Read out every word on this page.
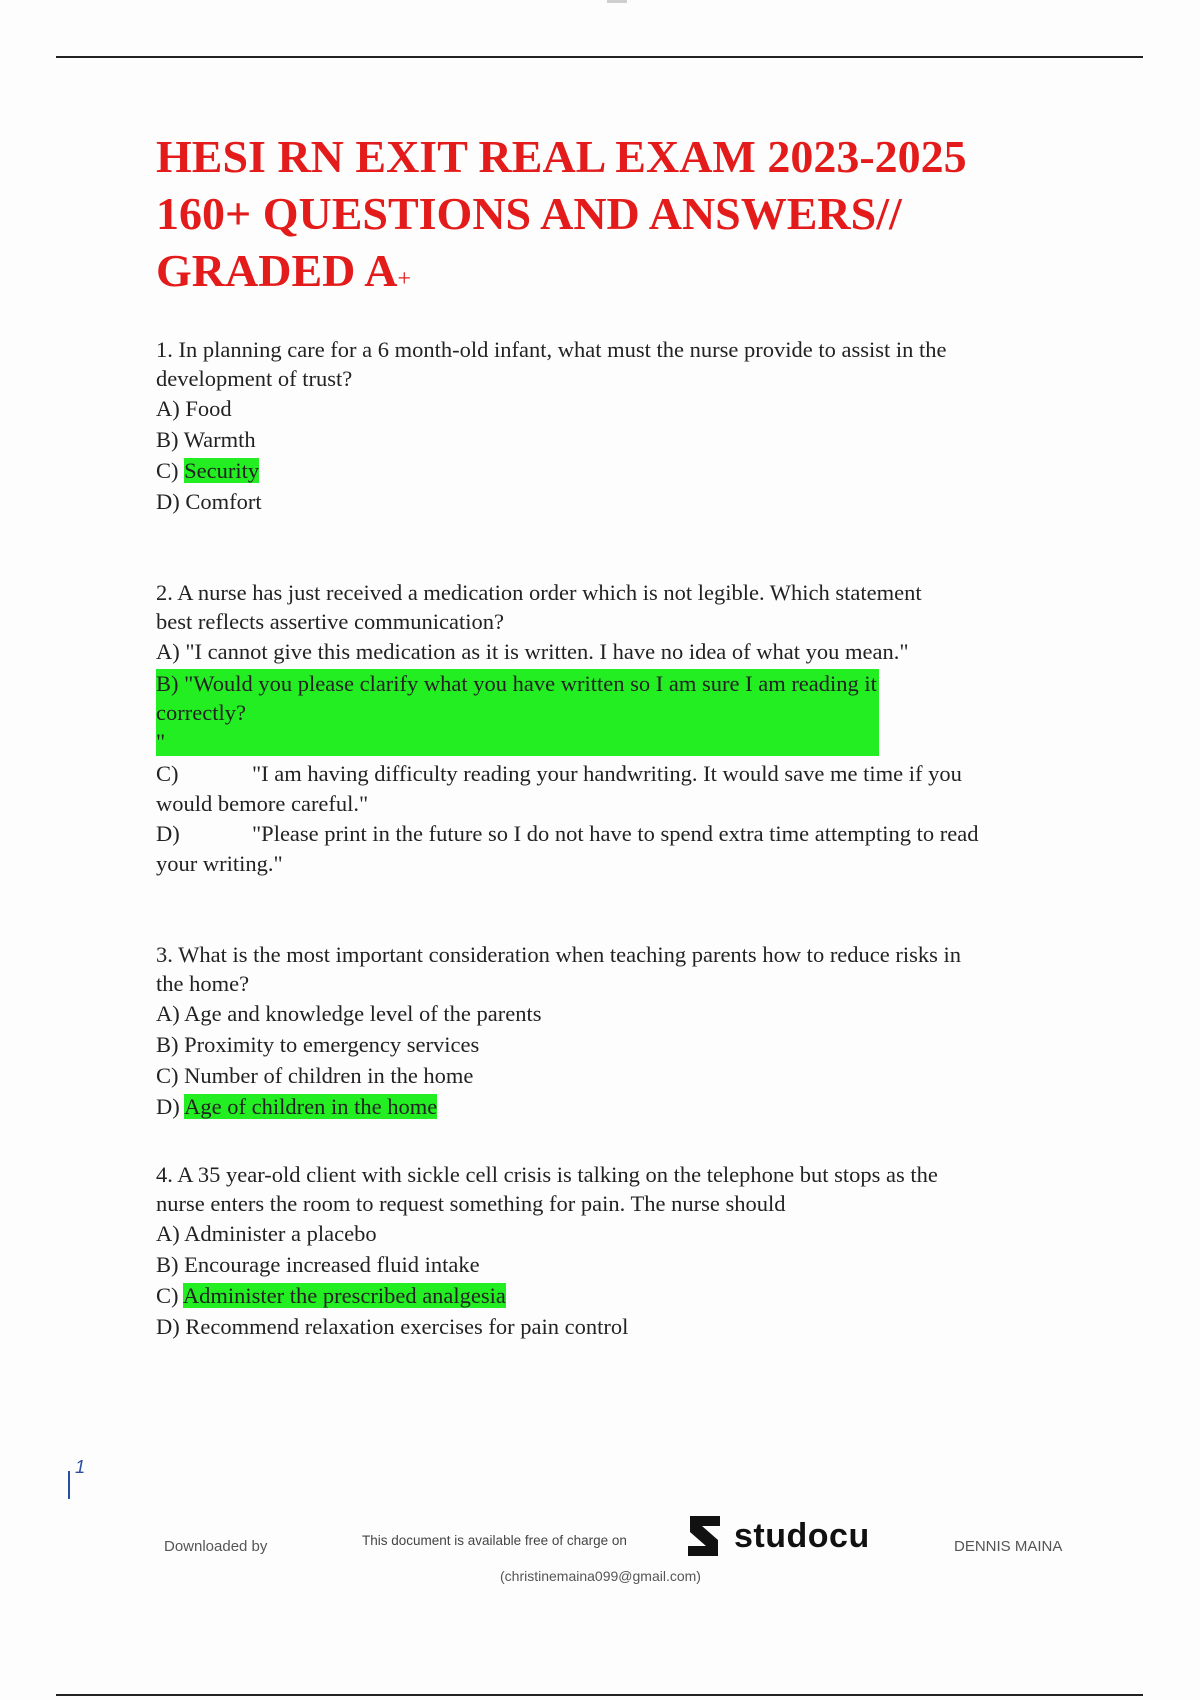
HESI RN EXIT REAL EXAM 2023-2025
160+ QUESTIONS AND ANSWERS//
GRADED A+

1. In planning care for a 6 month-old infant, what must the nurse provide to assist in the
development of trust?

A) Food

B) Warmth

C) Security

D) Comfort

2. A nurse has just received a medication order which is not legible. Which statement
best reflects assertive communication?

A) "I cannot give this medication as it is written. I have no idea of what you mean."

B) "Would you please clarify what you have written so I am sure I am reading it
correctly?
"

C)	"I am having difficulty reading your handwriting. It would save me time if you

would bemore careful."

D)	"Please print in the future so I do not have to spend extra time attempting to read

your writing."

3. What is the most important consideration when teaching parents how to reduce risks in
the home?

A) Age and knowledge level of the parents

B) Proximity to emergency services

C) Number of children in the home

D) Age of children in the home

4. A 35 year-old client with sickle cell crisis is talking on the telephone but stops as the
nurse enters the room to request something for pain. The nurse should

A) Administer a placebo

B) Encourage increased fluid intake

C) Administer the prescribed analgesia

D) Recommend relaxation exercises for pain control

$^1$
Downloaded by	This document is available free of charge on	studocu	DENNIS MAINA
(christinemaina099@gmail.com)
